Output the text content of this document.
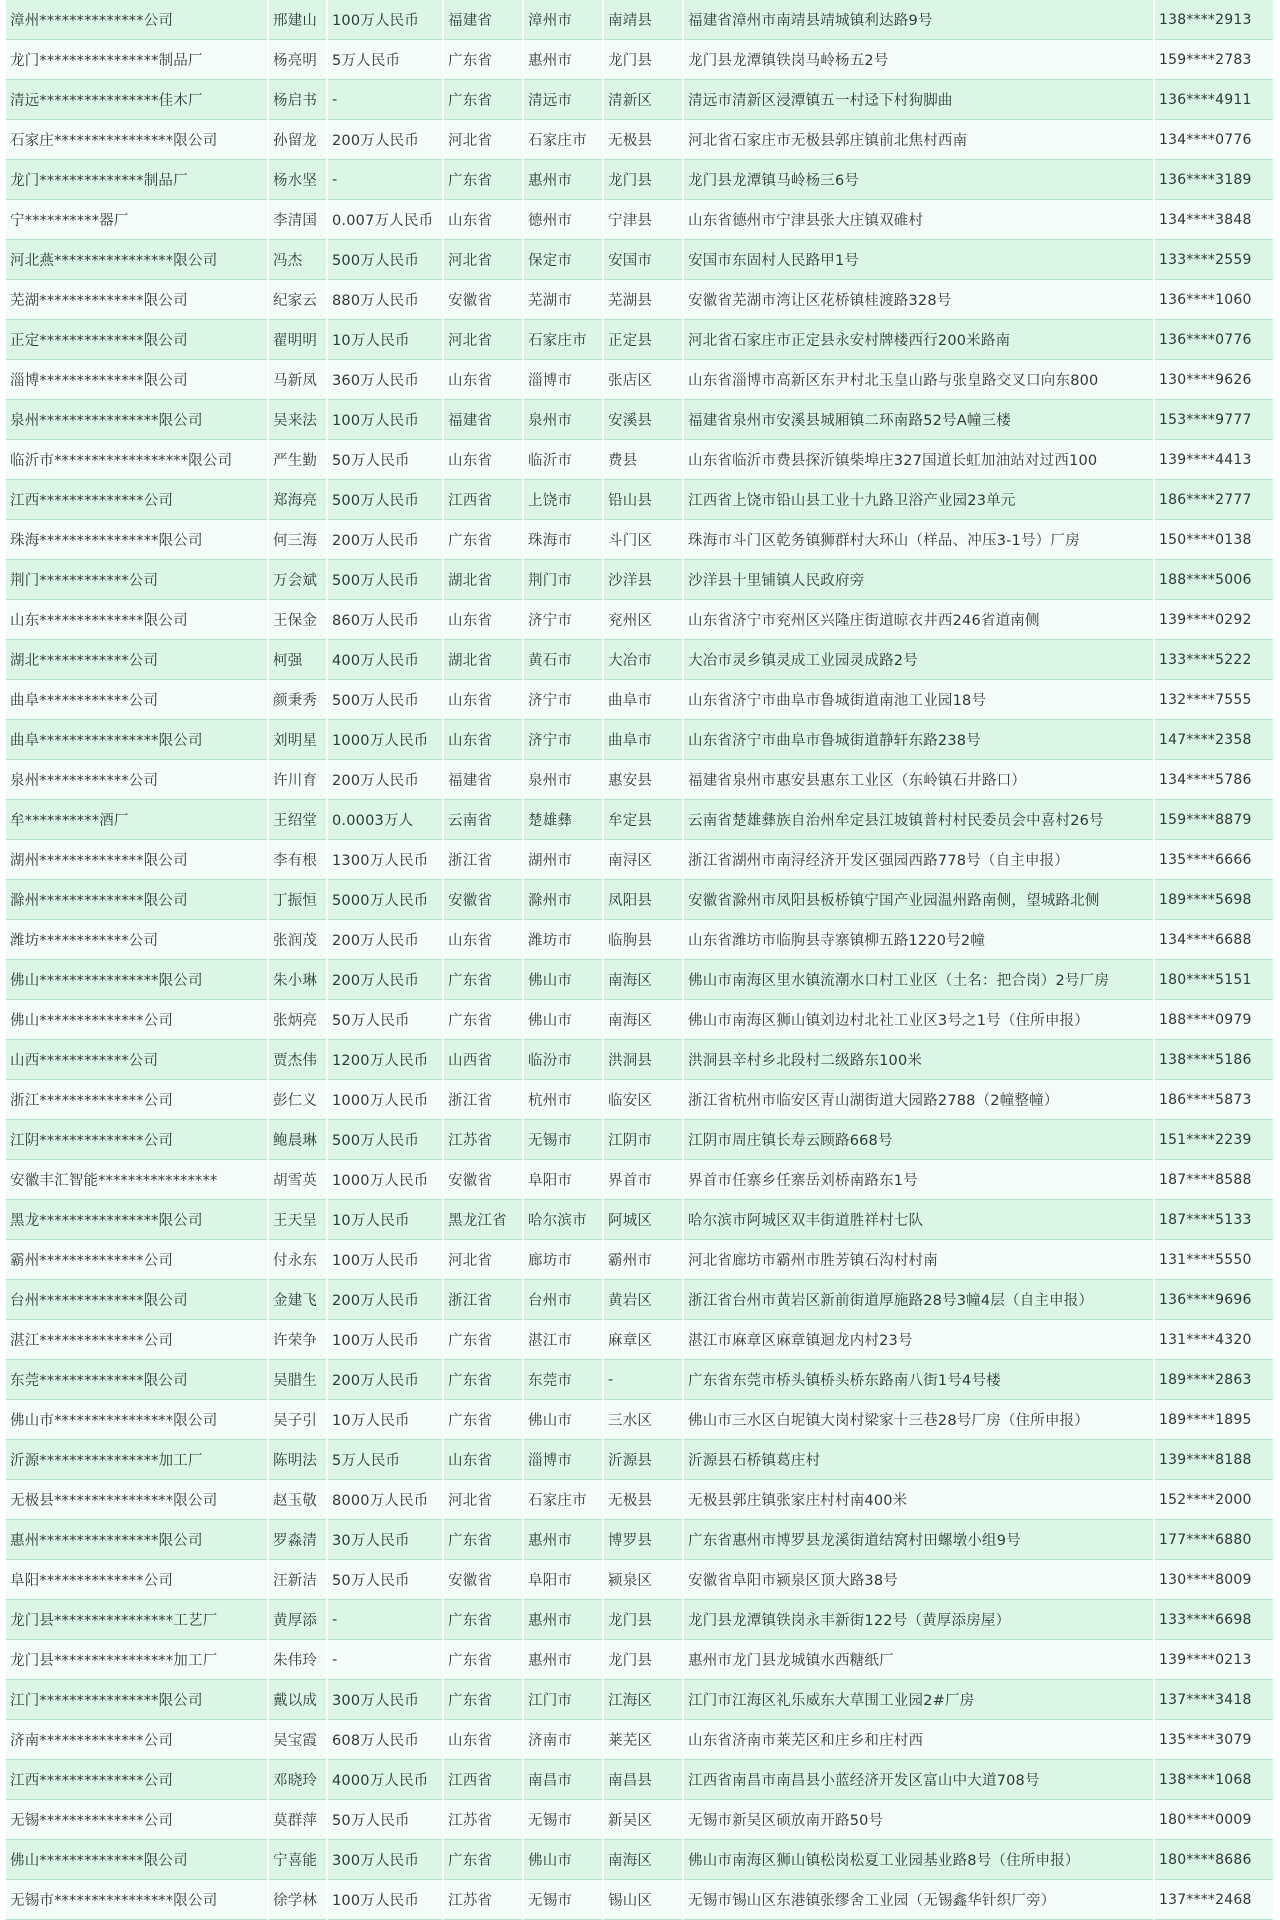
漳州**************公司	邢建山	100万人民币	福建省	漳州市	南靖县	福建省漳州市南靖县靖城镇利达路9号	138****2913
龙门****************制品厂	杨亮明	5万人民币	广东省	惠州市	龙门县	龙门县龙潭镇铁岗马岭杨五2号	159****2783
清远****************佳木厂	杨启书	-	广东省	清远市	清新区	清远市清新区浸潭镇五一村迳下村狗脚曲	136****4911
石家庄****************限公司	孙留龙	200万人民币	河北省	石家庄市	无极县	河北省石家庄市无极县郭庄镇前北焦村西南	134****0776
龙门**************制品厂	杨水坚	-	广东省	惠州市	龙门县	龙门县龙潭镇马岭杨三6号	136****3189
宁**********器厂	李清国	0.007万人民币	山东省	德州市	宁津县	山东省德州市宁津县张大庄镇双碓村	134****3848
河北燕****************限公司	冯杰	500万人民币	河北省	保定市	安国市	安国市东固村人民路甲1号	133****2559
芜湖**************限公司	纪家云	880万人民币	安徽省	芜湖市	芜湖县	安徽省芜湖市湾让区花桥镇桂渡路328号	136****1060
正定**************限公司	翟明明	10万人民币	河北省	石家庄市	正定县	河北省石家庄市正定县永安村牌楼西行200米路南	136****0776
淄博**************限公司	马新凤	360万人民币	山东省	淄博市	张店区	山东省淄博市高新区东尹村北玉皇山路与张皇路交叉口向东800	130****9626
泉州****************限公司	吴来法	100万人民币	福建省	泉州市	安溪县	福建省泉州市安溪县城厢镇二环南路52号A幢三楼	153****9777
临沂市******************限公司	严生勤	50万人民币	山东省	临沂市	费县	山东省临沂市费县探沂镇柴埠庄327国道长虹加油站对过西100	139****4413
江西**************公司	郑海亮	500万人民币	江西省	上饶市	铅山县	江西省上饶市铅山县工业十九路卫浴产业园23单元	186****2777
珠海****************限公司	何三海	200万人民币	广东省	珠海市	斗门区	珠海市斗门区乾务镇狮群村大环山（样品、冲压3-1号）厂房	150****0138
荆门************公司	万会斌	500万人民币	湖北省	荆门市	沙洋县	沙洋县十里铺镇人民政府旁	188****5006
山东**************限公司	王保金	860万人民币	山东省	济宁市	兖州区	山东省济宁市兖州区兴隆庄街道晾衣井西246省道南侧	139****0292
湖北************公司	柯强	400万人民币	湖北省	黄石市	大冶市	大冶市灵乡镇灵成工业园灵成路2号	133****5222
曲阜************公司	颜秉秀	500万人民币	山东省	济宁市	曲阜市	山东省济宁市曲阜市鲁城街道南池工业园18号	132****7555
曲阜****************限公司	刘明星	1000万人民币	山东省	济宁市	曲阜市	山东省济宁市曲阜市鲁城街道静轩东路238号	147****2358
泉州************公司	许川育	200万人民币	福建省	泉州市	惠安县	福建省泉州市惠安县惠东工业区（东岭镇石井路口）	134****5786
牟**********酒厂	王绍堂	0.0003万人	云南省	楚雄彝	牟定县	云南省楚雄彝族自治州牟定县江坡镇普村村民委员会中喜村26号	159****8879
湖州**************限公司	李有根	1300万人民币	浙江省	湖州市	南浔区	浙江省湖州市南浔经济开发区强园西路778号（自主申报）	135****6666
滁州**************限公司	丁振恒	5000万人民币	安徽省	滁州市	凤阳县	安徽省滁州市凤阳县板桥镇宁国产业园温州路南侧，望城路北侧	189****5698
潍坊************公司	张润茂	200万人民币	山东省	潍坊市	临朐县	山东省潍坊市临朐县寺寨镇柳五路1220号2幢	134****6688
佛山****************限公司	朱小琳	200万人民币	广东省	佛山市	南海区	佛山市南海区里水镇流潮水口村工业区（土名：把合岗）2号厂房	180****5151
佛山**************公司	张炳亮	50万人民币	广东省	佛山市	南海区	佛山市南海区狮山镇刘边村北社工业区3号之1号（住所申报）	188****0979
山西************公司	贾杰伟	1200万人民币	山西省	临汾市	洪洞县	洪洞县辛村乡北段村二级路东100米	138****5186
浙江**************公司	彭仁义	1000万人民币	浙江省	杭州市	临安区	浙江省杭州市临安区青山湖街道大园路2788（2幢整幢）	186****5873
江阴**************公司	鲍晨琳	500万人民币	江苏省	无锡市	江阴市	江阴市周庄镇长寿云顾路668号	151****2239
安徽丰汇智能****************	胡雪英	1000万人民币	安徽省	阜阳市	界首市	界首市任寨乡任寨岳刘桥南路东1号	187****8588
黑龙****************限公司	王天呈	10万人民币	黑龙江省	哈尔滨市	阿城区	哈尔滨市阿城区双丰街道胜祥村七队	187****5133
霸州**************公司	付永东	100万人民币	河北省	廊坊市	霸州市	河北省廊坊市霸州市胜芳镇石沟村村南	131****5550
台州**************限公司	金建飞	200万人民币	浙江省	台州市	黄岩区	浙江省台州市黄岩区新前街道厚施路28号3幢4层（自主申报）	136****9696
湛江**************公司	许荣争	100万人民币	广东省	湛江市	麻章区	湛江市麻章区麻章镇迴龙内村23号	131****4320
东莞**************限公司	吴腊生	200万人民币	广东省	东莞市	-	广东省东莞市桥头镇桥头桥东路南八街1号4号楼	189****2863
佛山市****************限公司	吴子引	10万人民币	广东省	佛山市	三水区	佛山市三水区白坭镇大岗村梁家十三巷28号厂房（住所申报）	189****1895
沂源****************加工厂	陈明法	5万人民币	山东省	淄博市	沂源县	沂源县石桥镇葛庄村	139****8188
无极县****************限公司	赵玉敬	8000万人民币	河北省	石家庄市	无极县	无极县郭庄镇张家庄村村南400米	152****2000
惠州****************限公司	罗淼清	30万人民币	广东省	惠州市	博罗县	广东省惠州市博罗县龙溪街道结窝村田螺墩小组9号	177****6880
阜阳**************公司	汪新洁	50万人民币	安徽省	阜阳市	颍泉区	安徽省阜阳市颍泉区顶大路38号	130****8009
龙门县****************工艺厂	黄厚添	-	广东省	惠州市	龙门县	龙门县龙潭镇铁岗永丰新街122号（黄厚添房屋）	133****6698
龙门县****************加工厂	朱伟玲	-	广东省	惠州市	龙门县	惠州市龙门县龙城镇水西糖纸厂	139****0213
江门****************限公司	戴以成	300万人民币	广东省	江门市	江海区	江门市江海区礼乐威东大草围工业园2#厂房	137****3418
济南**************公司	吴宝霞	608万人民币	山东省	济南市	莱芜区	山东省济南市莱芜区和庄乡和庄村西	135****3079
江西**************公司	邓晓玲	4000万人民币	江西省	南昌市	南昌县	江西省南昌市南昌县小蓝经济开发区富山中大道708号	138****1068
无锡**************公司	莫群萍	50万人民币	江苏省	无锡市	新吴区	无锡市新吴区硕放南开路50号	180****0009
佛山**************限公司	宁喜能	300万人民币	广东省	佛山市	南海区	佛山市南海区狮山镇松岗松夏工业园基业路8号（住所申报）	180****8686
无锡市****************限公司	徐学林	100万人民币	江苏省	无锡市	锡山区	无锡市锡山区东港镇张缪舍工业园（无锡鑫华针织厂旁）	137****2468
